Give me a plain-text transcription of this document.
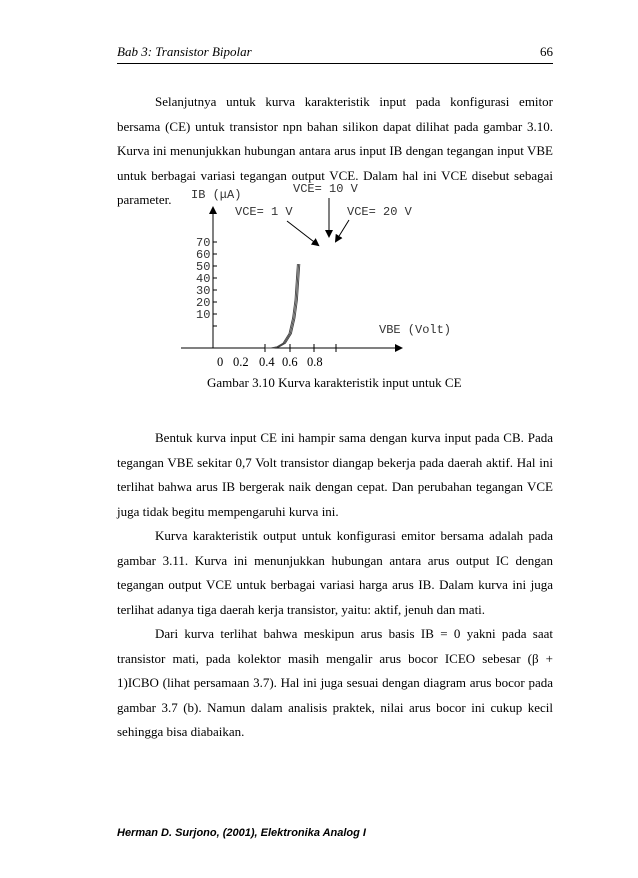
Bab 3: Transistor Bipolar	66

Selanjutnya untuk kurva karakteristik input pada konfigurasi emitor bersama (CE) untuk transistor npn bahan silikon dapat dilihat pada gambar 3.10. Kurva ini menunjukkan hubungan antara arus input IB dengan tegangan input VBE untuk berbagai variasi tegangan output VCE. Dalam hal ini VCE disebut sebagai parameter.	IB (μA)
VBE (Volt)
VCE= 10 V
VCE= 1 V	VCE= 20 V
70
60
50
40
30
20
10
0 0.2 0.4 0.6 0.8
Gambar 3.10 Kurva karakteristik input untuk CE

Bentuk kurva input CE ini hampir sama dengan kurva input pada CB. Pada tegangan VBE sekitar 0,7 Volt transistor diangap bekerja pada daerah aktif. Hal ini terlihat bahwa arus IB bergerak naik dengan cepat. Dan perubahan tegangan VCE juga tidak begitu mempengaruhi kurva ini.

Kurva karakteristik output untuk konfigurasi emitor bersama adalah pada gambar 3.11. Kurva ini menunjukkan hubungan antara arus output IC dengan tegangan output VCE untuk berbagai variasi harga arus IB. Dalam kurva ini juga terlihat adanya tiga daerah kerja transistor, yaitu: aktif, jenuh dan mati.

Dari kurva terlihat bahwa meskipun arus basis IB = 0 yakni pada saat transistor mati, pada kolektor masih mengalir arus bocor ICEO sebesar (β + 1)ICBO (lihat persamaan 3.7). Hal ini juga sesuai dengan diagram arus bocor pada gambar 3.7 (b). Namun dalam analisis praktek, nilai arus bocor ini cukup kecil sehingga bisa diabaikan.

Herman D. Surjono, (2001), Elektronika Analog I
